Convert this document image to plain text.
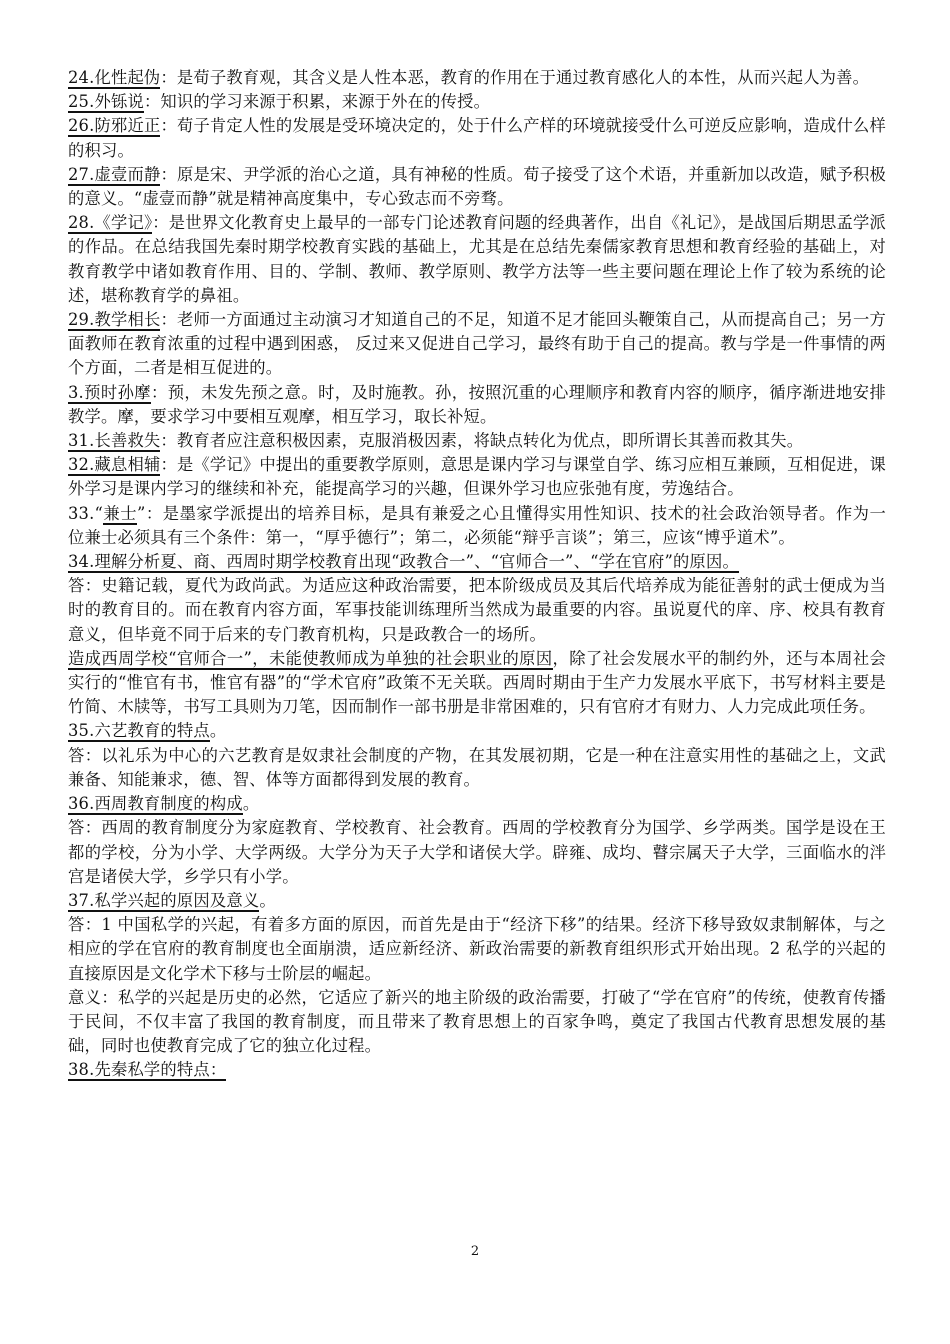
24.化性起伪：是荀子教育观，其含义是人性本恶，教育的作用在于通过教育感化人的本性，从而兴起人为善。

25.外铄说：知识的学习来源于积累，来源于外在的传授。

26.防邪近正：荀子肯定人性的发展是受环境决定的，处于什么产样的环境就接受什么可逆反应影响，造成什么样的积习。

27.虚壹而静：原是宋、尹学派的治心之道，具有神秘的性质。荀子接受了这个术语，并重新加以改造，赋予积极的意义。“虚壹而静”就是精神高度集中，专心致志而不旁骛。

28.《学记》：是世界文化教育史上最早的一部专门论述教育问题的经典著作，出自《礼记》，是战国后期思孟学派的作品。在总结我国先秦时期学校教育实践的基础上，尤其是在总结先秦儒家教育思想和教育经验的基础上，对教育教学中诸如教育作用、目的、学制、教师、教学原则、教学方法等一些主要问题在理论上作了较为系统的论述，堪称教育学的鼻祖。

29.教学相长：老师一方面通过主动演习才知道自己的不足，知道不足才能回头鞭策自己，从而提高自己；另一方面教师在教育浓重的过程中遇到困惑， 反过来又促进自己学习，最终有助于自己的提高。教与学是一件事情的两个方面，二者是相互促进的。

3.预时孙摩：预，未发先预之意。时，及时施教。孙，按照沉重的心理顺序和教育内容的顺序，循序渐进地安排教学。摩，要求学习中要相互观摩，相互学习，取长补短。

31.长善救失：教育者应注意积极因素，克服消极因素，将缺点转化为优点，即所谓长其善而救其失。

32.藏息相辅：是《学记》中提出的重要教学原则，意思是课内学习与课堂自学、练习应相互兼顾，互相促进，课外学习是课内学习的继续和补充，能提高学习的兴趣，但课外学习也应张弛有度，劳逸结合。

33.“兼士”：是墨家学派提出的培养目标，是具有兼爱之心且懂得实用性知识、技术的社会政治领导者。作为一位兼士必须具有三个条件：第一，“厚乎德行”；第二，必须能“辩乎言谈”；第三，应该“博乎道术”。

34.理解分析夏、商、西周时期学校教育出现“政教合一”、“官师合一”、“学在官府”的原因。

答：史籍记载，夏代为政尚武。为适应这种政治需要，把本阶级成员及其后代培养成为能征善射的武士便成为当时的教育目的。而在教育内容方面，军事技能训练理所当然成为最重要的内容。虽说夏代的庠、序、校具有教育意义，但毕竟不同于后来的专门教育机构，只是政教合一的场所。

造成西周学校“官师合一”，未能使教师成为单独的社会职业的原因，除了社会发展水平的制约外，还与本周社会实行的“惟官有书，惟官有器”的“学术官府”政策不无关联。西周时期由于生产力发展水平底下，书写材料主要是竹简、木牍等，书写工具则为刀笔，因而制作一部书册是非常困难的，只有官府才有财力、人力完成此项任务。

35.六艺教育的特点。

答：以礼乐为中心的六艺教育是奴隶社会制度的产物，在其发展初期，它是一种在注意实用性的基础之上，文武兼备、知能兼求，德、智、体等方面都得到发展的教育。

36.西周教育制度的构成。

答：西周的教育制度分为家庭教育、学校教育、社会教育。西周的学校教育分为国学、乡学两类。国学是设在王都的学校，分为小学、大学两级。大学分为天子大学和诸侯大学。辟雍、成均、瞽宗属天子大学，三面临水的泮宫是诸侯大学，乡学只有小学。

37.私学兴起的原因及意义。

答：1 中国私学的兴起，有着多方面的原因，而首先是由于“经济下移”的结果。经济下移导致奴隶制解体，与之相应的学在官府的教育制度也全面崩溃，适应新经济、新政治需要的新教育组织形式开始出现。2 私学的兴起的直接原因是文化学术下移与士阶层的崛起。

意义：私学的兴起是历史的必然，它适应了新兴的地主阶级的政治需要，打破了“学在官府”的传统，使教育传播于民间，不仅丰富了我国的教育制度，而且带来了教育思想上的百家争鸣，奠定了我国古代教育思想发展的基础，同时也使教育完成了它的独立化过程。

38.先秦私学的特点：

2
